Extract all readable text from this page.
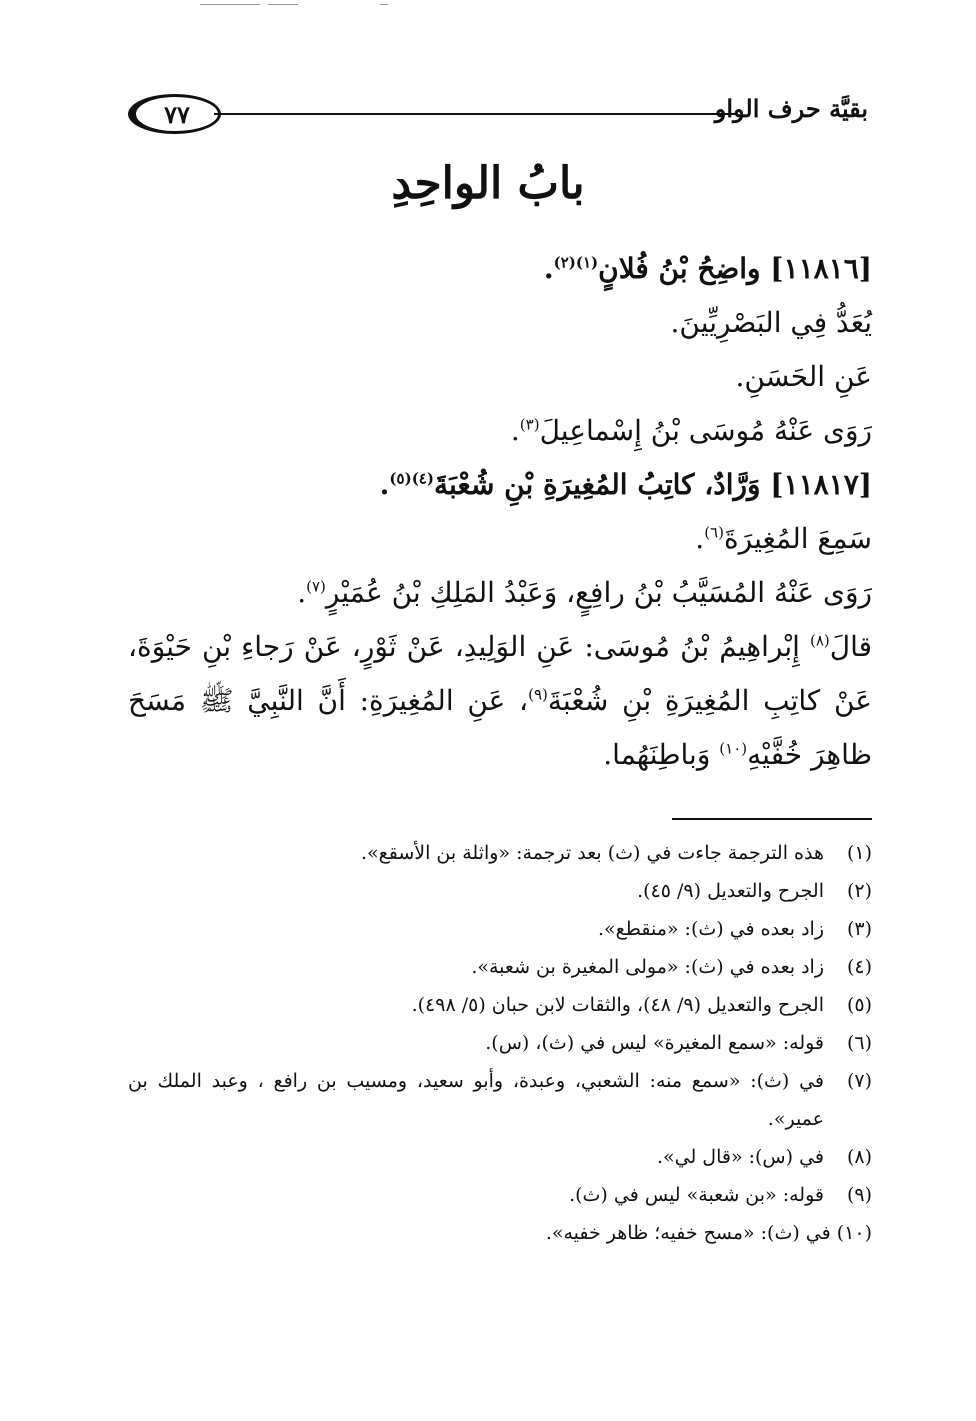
٧٧	بقيَّة حرف الواو
بابُ الواحِدِ

[١١٨١٦] واضِحُ بْنُ فُلانٍ$^{(١)(٢)}$.

يُعَدُّ فِي البَصْرِيِّينَ.

عَنِ الحَسَنِ.

رَوَى عَنْهُ مُوسَى بْنُ إِسْماعِيلَ$^{(٣)}$.

[١١٨١٧] وَرَّادٌ، كاتِبُ المُغِيرَةِ بْنِ شُعْبَةَ$^{(٤)(٥)}$.

سَمِعَ المُغِيرَةَ$^{(٦)}$.

رَوَى عَنْهُ المُسَيَّبُ بْنُ رافِعٍ، وَعَبْدُ المَلِكِ بْنُ عُمَيْرٍ$^{(٧)}$.

قالَ$^{(٨)}$ إِبْراهِيمُ بْنُ مُوسَى: عَنِ الوَلِيدِ، عَنْ ثَوْرٍ، عَنْ رَجاءِ بْنِ حَيْوَةَ، عَنْ كاتِبِ المُغِيرَةِ بْنِ شُعْبَةَ$^{(٩)}$، عَنِ المُغِيرَةِ: أَنَّ النَّبِيَّ ﷺ مَسَحَ ظاهِرَ خُفَّيْهِ$^{(١٠)}$ وَباطِنَهُما.

(١)
هذه الترجمة جاءت في (ث) بعد ترجمة: «واثلة بن الأسقع».
(٢)
الجرح والتعديل (٩/ ٤٥).
(٣)
زاد بعده في (ث): «منقطع».
(٤)
زاد بعده في (ث): «مولى المغيرة بن شعبة».
(٥)
الجرح والتعديل (٩/ ٤٨)، والثقات لابن حبان (٥/ ٤٩٨).
(٦)
قوله: «سمع المغيرة» ليس في (ث)، (س).
(٧)
في (ث): «سمع منه: الشعبي، وعبدة، وأبو سعيد، ومسيب بن رافع ، وعبد الملك بن عمير».
(٨)
في (س): «قال لي».
(٩)
قوله: «بن شعبة» ليس في (ث).
(١٠)
في (ث): «مسح خفيه؛ ظاهر خفيه».
